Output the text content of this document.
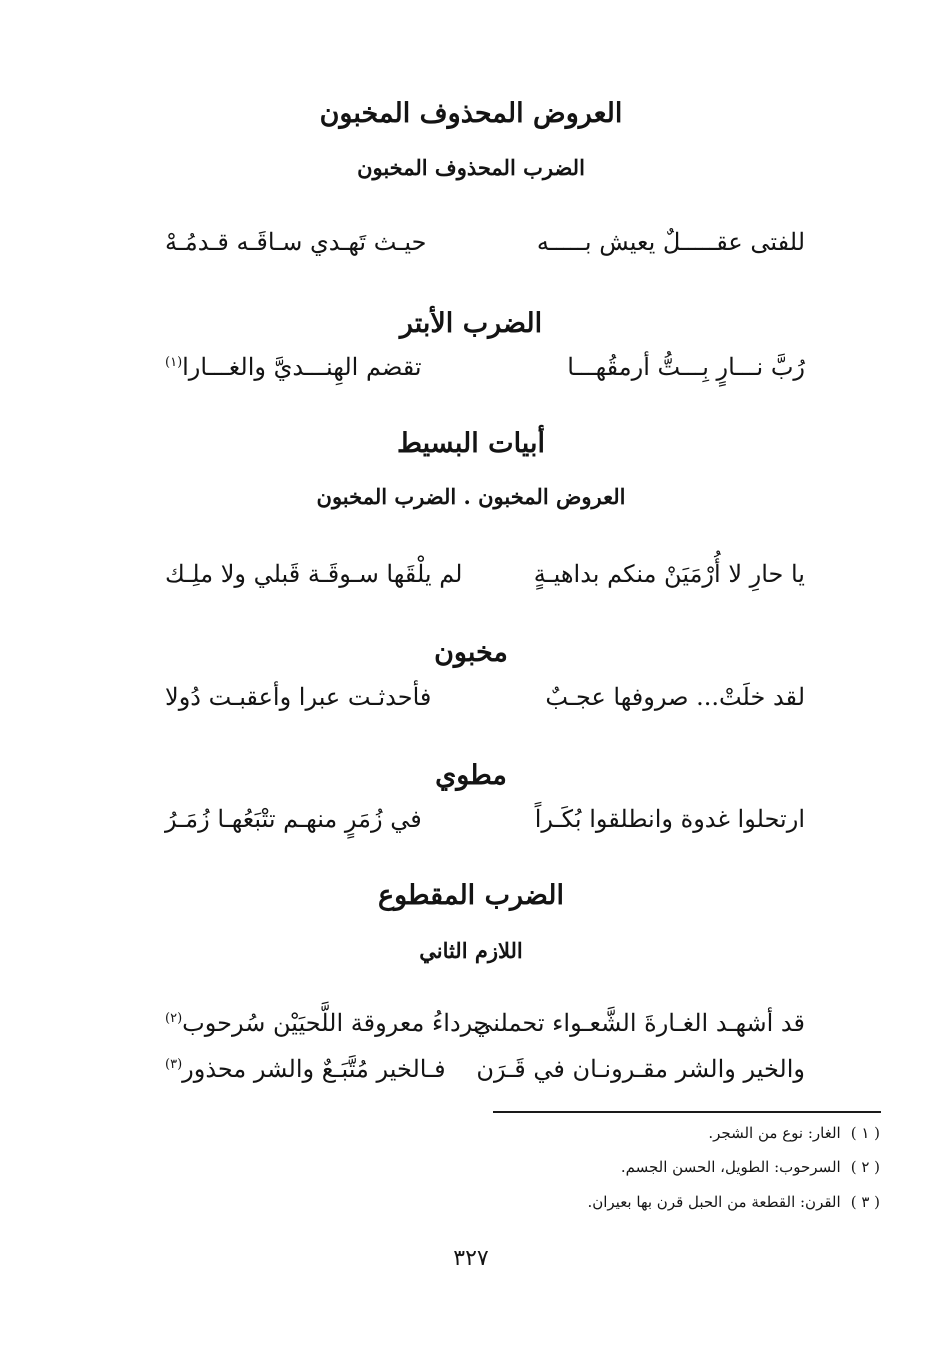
العروض المحذوف المخبون
الضرب المحذوف المخبون
للفتى عقـــــلٌ يعيش بـــــه
حيـث تَهـدي سـاقَـه قـدمُـهْ
الضرب الأبتر
رُبَّ نـــارٍ بِـــتُّ أرمقُهـــا
تقضم الهِنـــديَّ والغـــارا$^{(١)}$
أبيات البسيط
العروض المخبون . الضرب المخبون
يا حارِ لا أُرْمَيَنْ منكم بداهيـةٍ
لم يلْقَها سـوقَـة قَبلي ولا ملِـك
مخبون
لقد خلَتْ... صروفها عجـبٌ
فأحدثـت عبرا وأعقبـت دُولا
مطوي
ارتحلوا غدوة وانطلقوا بُكَـراً
في زُمَرٍ منهـم تتْبَعُهـا زُمَـرُ
الضرب المقطوع
اللازم الثاني
قد أشهـد الغـارةَ الشَّعـواء تحملني
جرداءُ معروقة اللَّحيَيْن سُرحوب$^{(٢)}$
والخير والشر مقـرونـان في قَـرَن
فـالخير مُتَّبَـعٌ والشر محذور$^{(٣)}$
( ١ )الغار: نوع من الشجر.
( ٢ )السرحوب: الطويل، الحسن الجسم.
( ٣ )القرن: القطعة من الحبل قرن بها بعيران.
٣٢٧
